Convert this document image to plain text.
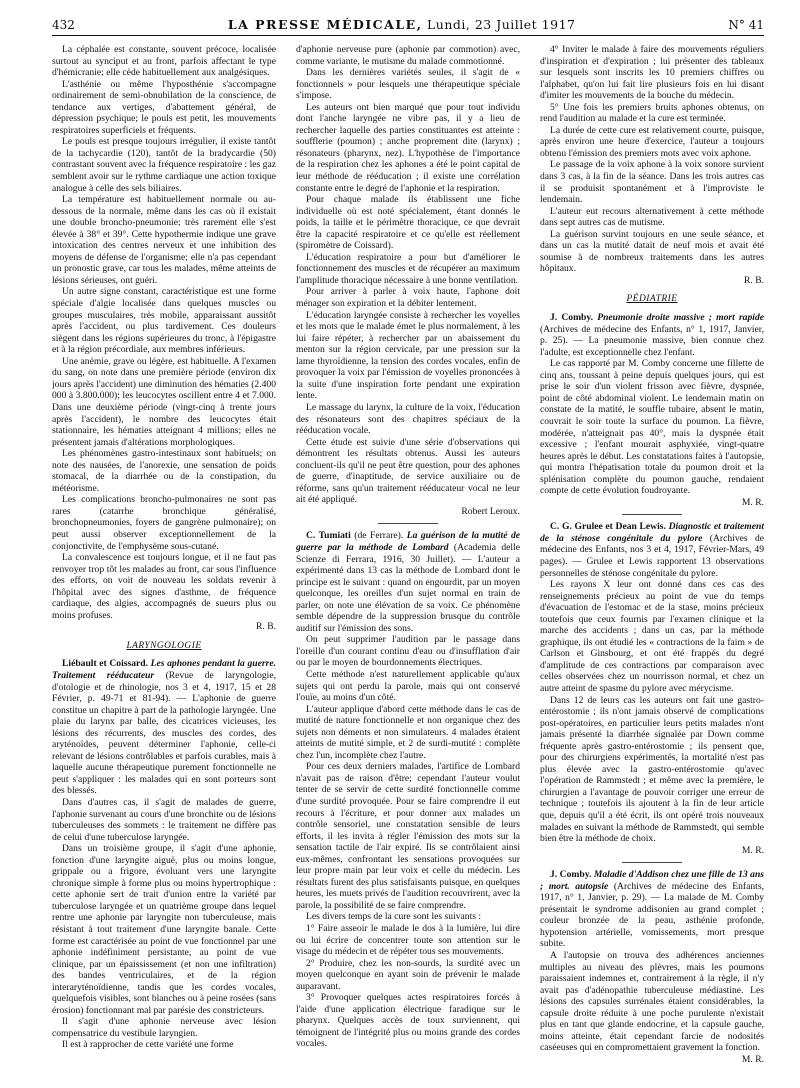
432	LA PRESSE MÉDICALE, Lundi, 23 Juillet 1917	N° 41

La céphalée est constante, souvent précoce, localisée surtout au synciput et au front, parfois affectant le type d'hémicranie; elle cède habituellement aux analgésiques.

L'asthénie ou même l'hyposthénie s'accompagne ordinairement de semi-obnubilation de la conscience, de tendance aux vertiges, d'abattement général, de dépression psychique; le pouls est petit, les mouvements respiratoires superficiels et fréquents.

Le pouls est presque toujours irrégulier, il existe tantôt de la tachycardie (120), tantôt de la bradycardie (50) contrastant souvent avec la fréquence respiratoire : les gaz semblent avoir sur le rythme cardiaque une action toxique analogue à celle des sels biliaires.

La température est habituellement normale ou au-dessous de la normale, même dans les cas où il existait une double broncho-pneumonie; très rarement elle s'est élevée à 38° et 39°. Cette hypothermie indique une grave intoxication des centres nerveux et une inhibition des moyens de défense de l'organisme; elle n'a pas cependant un pronostic grave, car tous les malades, même atteints de lésions sérieuses, ont guéri.

Un autre signe constant, caractéristique est une forme spéciale d'algie localisée dans quelques muscles ou groupes musculaires, très mobile, apparaissant aussitôt après l'accident, ou plus tardivement. Ces douleurs siègent dans les régions supérieures du tronc, à l'épigastre et à la région précordiale, aux membres inférieurs.

Une anémie, grave ou légère, est habituelle. A l'examen du sang, on note dans une première période (environ dix jours après l'accident) une diminution des hématies (2.400 000 à 3.800.000); les leucocytes oscillent entre 4 et 7.000. Dans une deuxième période (vingt-cinq à trente jours après l'accident), le nombre des leucocytes était stationnaire, les hématies atteignant 4 millions; elles ne présentent jamais d'altérations morphologiques.

Les phénomènes gastro-intestinaux sont habituels; on note des nausées, de l'anorexie, une sensation de poids stomacal, de la diarrhée ou de la constipation, du météorisme.

Les complications broncho-pulmonaires ne sont pas rares (catarrhe bronchique généralisé, bronchopneumonies, foyers de gangrène pulmonaire); on peut aussi observer exceptionnellement de la conjonctivite, de l'emphysème sous-cutané.

La convalescence est toujours longue, et il ne faut pas renvoyer trop tôt les malades au front, car sous l'influence des efforts, on voit de nouveau les soldats revenir à l'hôpital avec des signes d'asthme, de fréquence cardiaque, des algies, accompagnés de sueurs plus ou moins profuses.

R. B.

LARYNGOLOGIE

Liébault et Coissard. Les aphones pendant la guerre. Traitement rééducateur (Revue de laryngologie, d'otologie et de rhinologie, nos 3 et 4, 1917, 15 et 28 Février, p. 49-71 et 81-94). — L'aphonie de guerre constitue un chapitre à part de la pathologie laryngée. Une plaie du larynx par balle, des cicatrices vicieuses, les lésions des récurrents, des muscles des cordes, des aryténoïdes, peuvent déterminer l'aphonie, celle-ci relevant de lésions contrôlables et parfois curables, mais à laquelle aucune thérapeutique purement fonctionnelle ne peut s'appliquer : les malades qui en sont porteurs sont des blessés.

Dans d'autres cas, il s'agit de malades de guerre, l'aphonie survenant au cours d'une bronchite ou de lésions tuberculeuses des sommets : le traitement ne diffère pas de celui d'une tuberculose laryngée.

Dans un troisième groupe, il s'agit d'une aphonie, fonction d'une laryngite aiguë, plus ou moins longue, grippale ou a frigore, évoluant vers une laryngite chronique simple à forme plus ou moins hypertrophique : cette aphonie sert de trait d'union entre la variété par tuberculose laryngée et un quatrième groupe dans lequel rentre une aphonie par laryngite non tuberculeuse, mais résistant à tout traitement d'une laryngite banale. Cette forme est caractérisée au point de vue fonctionnel par une aphonie indéfiniment persistante, au point de vue clinique, par un épaississement (et non une infiltration) des bandes ventriculaires, et de la région interaryténoïdienne, tandis que les cordes vocales, quelquefois visibles, sont blanches ou à peine rosées (sans érosion) fonctionnant mal par parésie des constricteurs.

Il s'agit d'une aphonie nerveuse avec lésion compensatrice du vestibule laryngien.

Il est à rapprocher de cette variété une forme

d'aphonie nerveuse pure (aphonie par commotion) avec, comme variante, le mutisme du malade commotionné.

Dans les dernières variétés seules, il s'agit de « fonctionnels » pour lesquels une thérapeutique spéciale s'impose.

Les auteurs ont bien marqué que pour tout individu dont l'anche laryngée ne vibre pas, il y a lieu de rechercher laquelle des parties constituantes est atteinte : soufflerie (poumon) ; anche proprement dite (larynx) ; résonateurs (pharynx, nez). L'hypothèse de l'importance de la respiration chez les aphones a été le point capital de leur méthode de rééducation ; il existe une corrélation constante entre le degré de l'aphonie et la respiration.

Pour chaque malade ils établissent une fiche individuelle où est noté spécialement, étant donnés le poids, la taille et le périmètre thoracique, ce que devrait être la capacité respiratoire et ce qu'elle est réellement (spiromètre de Coissard).

L'éducation respiratoire a pour but d'améliorer le fonctionnement des muscles et de récupérer au maximum l'amplitude thoracique nécessaire à une bonne ventilation.

Pour arriver à parler à voix haute, l'aphone doit ménager son expiration et la débiter lentement.

L'éducation laryngée consiste à rechercher les voyelles et les mots que le malade émet le plus normalement, à les lui faire répéter, à rechercher par un abaissement du menton sur la région cervicale, par une pression sur la lame thyroïdienne, la tension des cordes vocales, enfin de provoquer la voix par l'émission de voyelles prononcées à la suite d'une inspiration forte pendant une expiration lente.

Le massage du larynx, la culture de la voix, l'éducation des résonateurs sont des chapitres spéciaux de la rééducation vocale.

Cette étude est suivie d'une série d'observations qui démontrent les résultats obtenus. Aussi les auteurs concluent-ils qu'il ne peut être question, pour des aphones de guerre, d'inaptitude, de service auxiliaire ou de réforme, sans qu'un traitement rééducateur vocal ne leur ait été appliqué.

Robert Leroux.

C. Tumiati (de Ferrare). La guérison de la mutité de guerre par la méthode de Lombard (Academia delle Scienze di Ferrara, 1916, 30 Juillet). — L'auteur a expérimenté dans 13 cas la méthode de Lombard dont le principe est le suivant : quand on engourdit, par un moyen quelconque, les oreilles d'un sujet normal en train de parler, on note une élévation de sa voix. Ce phénomène semble dépendre de la suppression brusque du contrôle auditif sur l'émission des sons.

On peut supprimer l'audition par le passage dans l'oreille d'un courant continu d'eau ou d'insufflation d'air ou par le moyen de bourdonnements électriques.

Cette méthode n'est naturellement applicable qu'aux sujets qui ont perdu la parole, mais qui ont conservé l'ouïe, au moins d'un côté.

L'auteur applique d'abord cette méthode dans le cas de mutité de nature fonctionnelle et non organique chez des sujets non déments et non simulateurs. 4 malades étaient atteints de mutité simple, et 2 de surdi-mutité : complète chez l'un, incomplète chez l'autre.

Pour ces deux derniers malades, l'artifice de Lombard n'avait pas de raison d'être; cependant l'auteur voulut tenter de se servir de cette surdité fonctionnelle comme d'une surdité provoquée. Pour se faire comprendre il eut recours à l'écriture, et pour donner aux malades un contrôle sensoriel, une constatation sensible de leurs efforts, il les invita à régler l'émission des mots sur la sensation tactile de l'air expiré. Ils se contrôlaient ainsi eux-mêmes, confrontant les sensations provoquées sur leur propre main par leur voix et celle du médecin. Les résultats furent des plus satisfaisants puisque, en quelques heures, les muets privés de l'audition recouvrirent, avec la parole, la possibilité de se faire comprendre.

Les divers temps de la cure sont les suivants :

1° Faire asseoir le malade le dos à la lumière, lui dire ou lui écrire de concentrer toute son attention sur le visage du médecin et de répéter tous ses mouvements.

2° Produire, chez les non-sourds, la surdité avec un moyen quelconque en ayant soin de prévenir le malade auparavant.

3° Provoquer quelques actes respiratoires forcés à l'aide d'une application électrique faradique sur le pharynx. Quelques accès de toux surviennent, qui témoignent de l'intégrité plus ou moins grande des cordes vocales.

4° Inviter le malade à faire des mouvements réguliers d'inspiration et d'expiration ; lui présenter des tableaux sur lesquels sont inscrits les 10 premiers chiffres ou l'alphabet, qu'on lui fait lire plusieurs fois en lui disant d'imiter les mouvements de la bouche du médecin.

5° Une fois les premiers bruits aphones obtenus, on rend l'audition au malade et la cure est terminée.

La durée de cette cure est relativement courte, puisque, après environ une heure d'exercice, l'auteur a toujours obtenu l'émission des premiers mots avec voix aphone.

Le passage de la voix aphone à la voix sonore survient dans 3 cas, à la fin de la séance. Dans les trois autres cas il se produisit spontanément et à l'improviste le lendemain.

L'auteur eut recours alternativement à cette méthode dans sept autres cas de mutisme.

La guérison survint toujours en une seule séance, et dans un cas la mutité datait de neuf mois et avait été soumise à de nombreux traitements dans les autres hôpitaux.

R. B.

PÉDIATRIE

J. Comby. Pneumonie droite massive ; mort rapide (Archives de médecine des Enfants, n° 1, 1917, Janvier, p. 25). — La pneumonie massive, bien connue chez l'adulte, est exceptionnelle chez l'enfant.

Le cas rapporté par M. Comby concerne une fillette de cinq ans, toussant à peine depuis quelques jours, qui est prise le soir d'un violent frisson avec fièvre, dyspnée, point de côté abdominal violent. Le lendemain matin on constate de la matité, le souffle tubaire, absent le matin, couvrait le soir toute la surface du poumon. La fièvre, modérée, n'atteignait pas 40°, mais la dyspnée était excessive ; l'enfant mourait asphyxiée, vingt-quatre heures après le début. Les constatations faites à l'autopsie, qui montra l'hépatisation totale du poumon droit et la splénisation complète du poumon gauche, rendaient compte de cette évolution foudroyante.

M. R.

C. G. Grulee et Dean Lewis. Diagnostic et traitement de la sténose congénitale du pylore (Archives de médecine des Enfants, nos 3 et 4, 1917, Février-Mars, 49 pages). — Grulee et Lewis rapportent 13 observations personnelles de sténose congénitale du pylore.

Les rayons X leur ont donné dans ces cas des renseignements précieux au point de vue du temps d'évacuation de l'estomac et de la stase, moins précieux toutefois que ceux fournis par l'examen clinique et la marche des accidents ; dans un cas, par la méthode graphique, ils ont étudié les « contractions de la faim » de Carlson et Ginsbourg, et ont été frappés du degré d'amplitude de ces contractions par comparaison avec celles observées chez un nourrisson normal, et chez un autre atteint de spasme du pylore avec mérycisme.

Dans 12 de leurs cas les auteurs ont fait une gastro-entérostomie ; ils n'ont jamais observé de complications post-opératoires, en particulier leurs petits malades n'ont jamais présenté la diarrhée signalée par Down comme fréquente après gastro-entérostomie ; ils pensent que, pour des chirurgiens expérimentés, la mortalité n'est pas plus élevée avec la gastro-entérostomie qu'avec l'opération de Rammstedt ; et même avec la première, le chirurgien a l'avantage de pouvoir corriger une erreur de technique ; toutefois ils ajoutent à la fin de leur article que, depuis qu'il a été écrit, ils ont opéré trois nouveaux malades en suivant la méthode de Rammstedt, qui semble bien être la méthode de choix.

M. R.

J. Comby. Maladie d'Addison chez une fille de 13 ans ; mort. autopsie (Archives de médecine des Enfants, 1917, n° 1, Janvier, p. 29). — La malade de M. Comby présentait le syndrome addisonien au grand complet ; couleur bronzée de la peau, asthénie profonde, hypotension artérielle, vomissements, mort presque subite.

A l'autopsie on trouva des adhérences anciennes multiples au niveau des plèvres, mais les poumons paraissaient indemnes et, contrairement à la règle, il n'y avait pas d'adénopathie tuberculeuse médiastine. Les lésions des capsules surrénales étaient considérables, la capsule droite réduite à une poche purulente n'existait plus en tant que glande endocrine, et la capsule gauche, moins atteinte, était cependant farcie de nodosités caséeuses qui en compromettaient gravement la fonction.

M. R.
